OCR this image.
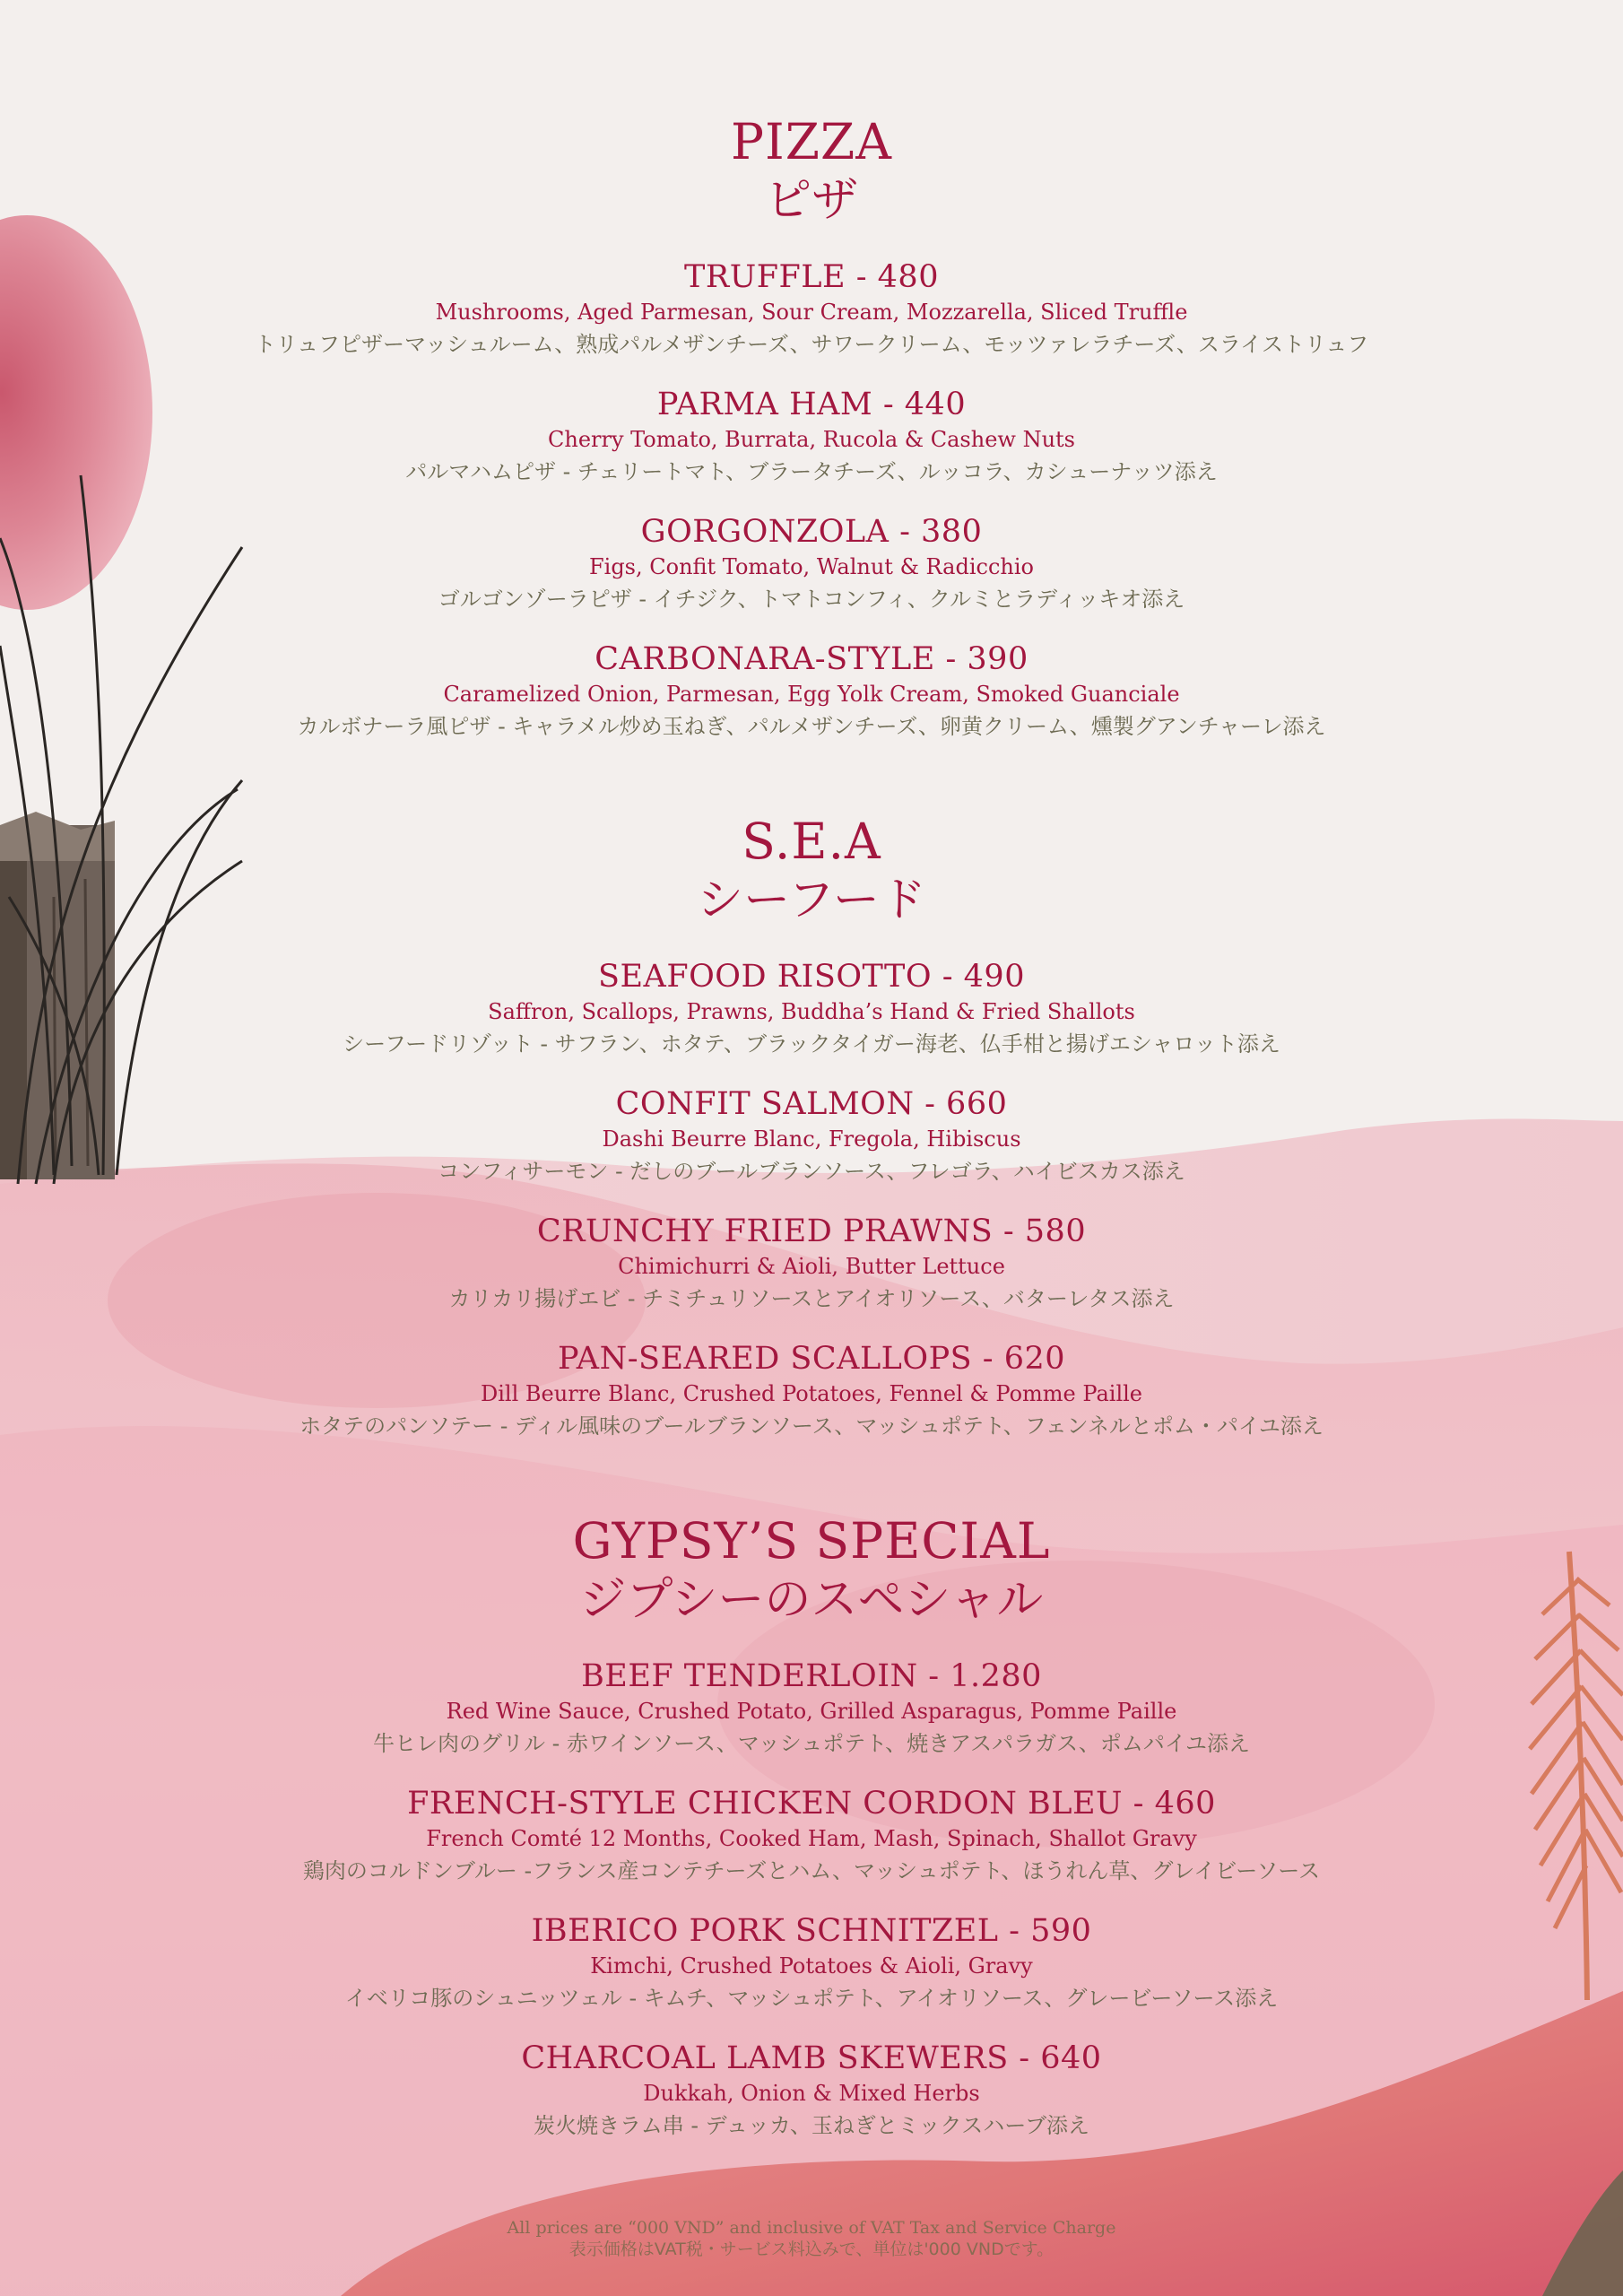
PIZZA
ピザ
TRUFFLE - 480
Mushrooms, Aged Parmesan, Sour Cream, Mozzarella, Sliced Truffle
トリュフピザーマッシュルーム、熟成パルメザンチーズ、サワークリーム、モッツァレラチーズ、スライストリュフ
PARMA HAM - 440
Cherry Tomato, Burrata, Rucola & Cashew Nuts
パルマハムピザ - チェリートマト、ブラータチーズ、ルッコラ、カシューナッツ添え
GORGONZOLA - 380
Figs, Confit Tomato, Walnut & Radicchio
ゴルゴンゾーラピザ - イチジク、トマトコンフィ、クルミとラディッキオ添え
CARBONARA-STYLE - 390
Caramelized Onion, Parmesan, Egg Yolk Cream, Smoked Guanciale
カルボナーラ風ピザ - キャラメル炒め玉ねぎ、パルメザンチーズ、卵黄クリーム、燻製グアンチャーレ添え
S.E.A
シーフード
SEAFOOD RISOTTO - 490
Saffron, Scallops, Prawns, Buddha’s Hand & Fried Shallots
シーフードリゾット - サフラン、ホタテ、ブラックタイガー海老、仏手柑と揚げエシャロット添え
CONFIT SALMON - 660
Dashi Beurre Blanc, Fregola, Hibiscus
コンフィサーモン - だしのブールブランソース、フレゴラ、ハイビスカス添え
CRUNCHY FRIED PRAWNS - 580
Chimichurri & Aioli, Butter Lettuce
カリカリ揚げエビ - チミチュリソースとアイオリソース、バターレタス添え
PAN-SEARED SCALLOPS - 620
Dill Beurre Blanc, Crushed Potatoes, Fennel & Pomme Paille
ホタテのパンソテー - ディル風味のブールブランソース、マッシュポテト、フェンネルとポム・パイユ添え
GYPSY’S SPECIAL
ジプシーのスペシャル
BEEF TENDERLOIN - 1.280
Red Wine Sauce, Crushed Potato, Grilled Asparagus, Pomme Paille
牛ヒレ肉のグリル - 赤ワインソース、マッシュポテト、焼きアスパラガス、ポムパイユ添え
FRENCH-STYLE CHICKEN CORDON BLEU - 460
French Comté 12 Months, Cooked Ham, Mash, Spinach, Shallot Gravy
鶏肉のコルドンブルー -フランス産コンテチーズとハム、マッシュポテト、ほうれん草、グレイビーソース
IBERICO PORK SCHNITZEL - 590
Kimchi, Crushed Potatoes & Aioli, Gravy
イベリコ豚のシュニッツェル - キムチ、マッシュポテト、アイオリソース、グレービーソース添え
CHARCOAL LAMB SKEWERS - 640
Dukkah, Onion & Mixed Herbs
炭火焼きラム串 - デュッカ、玉ねぎとミックスハーブ添え
All prices are “000 VND” and inclusive of VAT Tax and Service Charge
表示価格はVAT税・サービス料込みで、単位は'000 VNDです。
